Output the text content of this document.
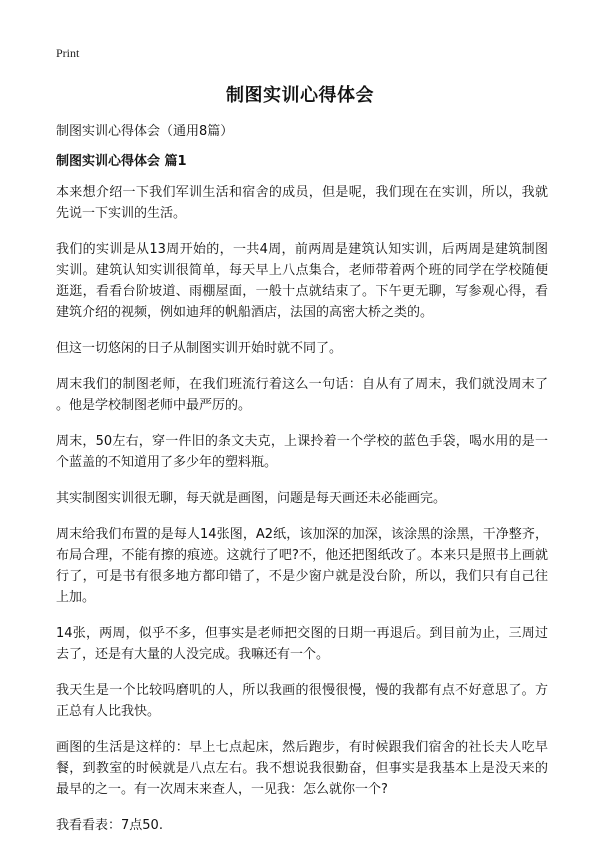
Print
制图实训心得体会
制图实训心得体会（通用8篇）
制图实训心得体会 篇1

本来想介绍一下我们军训生活和宿舍的成员，但是呢，我们现在在实训，所以，我就先说一下实训的生活。

我们的实训是从13周开始的，一共4周，前两周是建筑认知实训，后两周是建筑制图实训。建筑认知实训很简单，每天早上八点集合，老师带着两个班的同学在学校随便逛逛，看看台阶坡道、雨棚屋面，一般十点就结束了。下午更无聊，写参观心得，看建筑介绍的视频，例如迪拜的帆船酒店，法国的高密大桥之类的。

但这一切悠闲的日子从制图实训开始时就不同了。

周末我们的制图老师，在我们班流行着这么一句话：自从有了周末，我们就没周末了。他是学校制图老师中最严厉的。

周末，50左右，穿一件旧的条文夫克，上课拎着一个学校的蓝色手袋，喝水用的是一个蓝盖的不知道用了多少年的塑料瓶。

其实制图实训很无聊，每天就是画图，问题是每天画还未必能画完。

周末给我们布置的是每人14张图，A2纸，该加深的加深，该涂黑的涂黑，干净整齐，布局合理，不能有擦的痕迹。这就行了吧?不，他还把图纸改了。本来只是照书上画就行了，可是书有很多地方都印错了，不是少窗户就是没台阶，所以，我们只有自己往上加。

14张，两周，似乎不多，但事实是老师把交图的日期一再退后。到目前为止，三周过去了，还是有大量的人没完成。我嘛还有一个。

我天生是一个比较吗磨叽的人，所以我画的很慢很慢，慢的我都有点不好意思了。方正总有人比我快。

画图的生活是这样的：早上七点起床，然后跑步，有时候跟我们宿舍的社长夫人吃早餐，到教室的时候就是八点左右。我不想说我很勤奋，但事实是我基本上是没天来的最早的之一。有一次周末来查人，一见我：怎么就你一个?

我看看表：7点50.
